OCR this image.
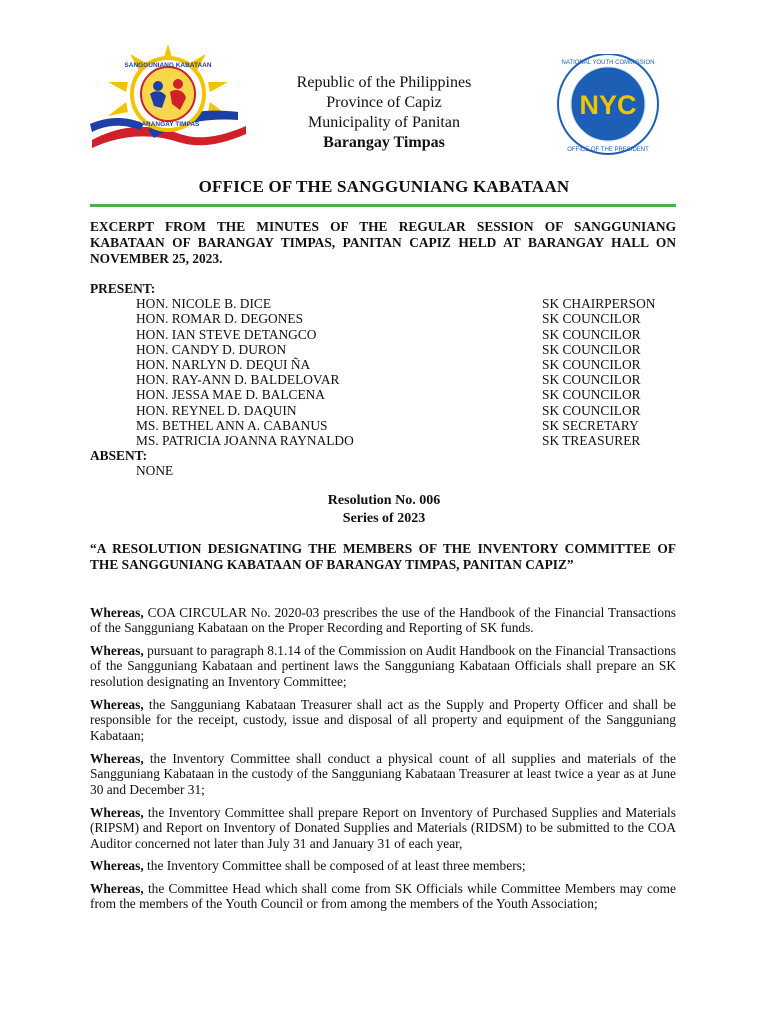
SANGGUNIANG KABATAAN
BARANGAY TIMPAS
NYC
NATIONAL YOUTH COMMISSION
OFFICE OF THE PRESIDENT
Republic of the Philippines
Province of Capiz
Municipality of Panitan
Barangay Timpas
OFFICE OF THE SANGGUNIANG KABATAAN
EXCERPT FROM THE MINUTES OF THE REGULAR SESSION OF SANGGUNIANG KABATAAN OF BARANGAY TIMPAS, PANITAN CAPIZ HELD AT BARANGAY HALL ON NOVEMBER 25, 2023.
PRESENT:
HON. NICOLE B. DICE	SK CHAIRPERSON
HON. ROMAR D. DEGONES	SK COUNCILOR
HON. IAN STEVE DETANGCO	SK COUNCILOR
HON. CANDY D. DURON	SK COUNCILOR
HON. NARLYN D. DEQUI ÑA	SK COUNCILOR
HON. RAY-ANN D. BALDELOVAR	SK COUNCILOR
HON. JESSA MAE D. BALCENA	SK COUNCILOR
HON. REYNEL D. DAQUIN	SK COUNCILOR
MS. BETHEL ANN A. CABANUS	SK SECRETARY
MS. PATRICIA JOANNA RAYNALDO	SK TREASURER
ABSENT:
NONE
Resolution No. 006
Series of 2023
“A RESOLUTION DESIGNATING THE MEMBERS OF THE INVENTORY COMMITTEE OF THE SANGGUNIANG KABATAAN OF BARANGAY TIMPAS, PANITAN CAPIZ”
Whereas, COA CIRCULAR No. 2020-03 prescribes the use of the Handbook of the Financial Transactions of the Sangguniang Kabataan on the Proper Recording and Reporting of SK funds.
Whereas, pursuant to paragraph 8.1.14 of the Commission on Audit Handbook on the Financial Transactions of the Sangguniang Kabataan and pertinent laws the Sangguniang Kabataan Officials shall prepare an SK resolution designating an Inventory Committee;
Whereas, the Sangguniang Kabataan Treasurer shall act as the Supply and Property Officer and shall be responsible for the receipt, custody, issue and disposal of all property and equipment of the Sangguniang Kabataan;
Whereas, the Inventory Committee shall conduct a physical count of all supplies and materials of the Sangguniang Kabataan in the custody of the Sangguniang Kabataan Treasurer at least twice a year as at June 30 and December 31;
Whereas, the Inventory Committee shall prepare Report on Inventory of Purchased Supplies and Materials (RIPSM) and Report on Inventory of Donated Supplies and Materials (RIDSM) to be submitted to the COA Auditor concerned not later than July 31 and January 31 of each year,
Whereas, the Inventory Committee shall be composed of at least three members;
Whereas, the Committee Head which shall come from SK Officials while Committee Members may come from the members of the Youth Council or from among the members of the Youth Association;
